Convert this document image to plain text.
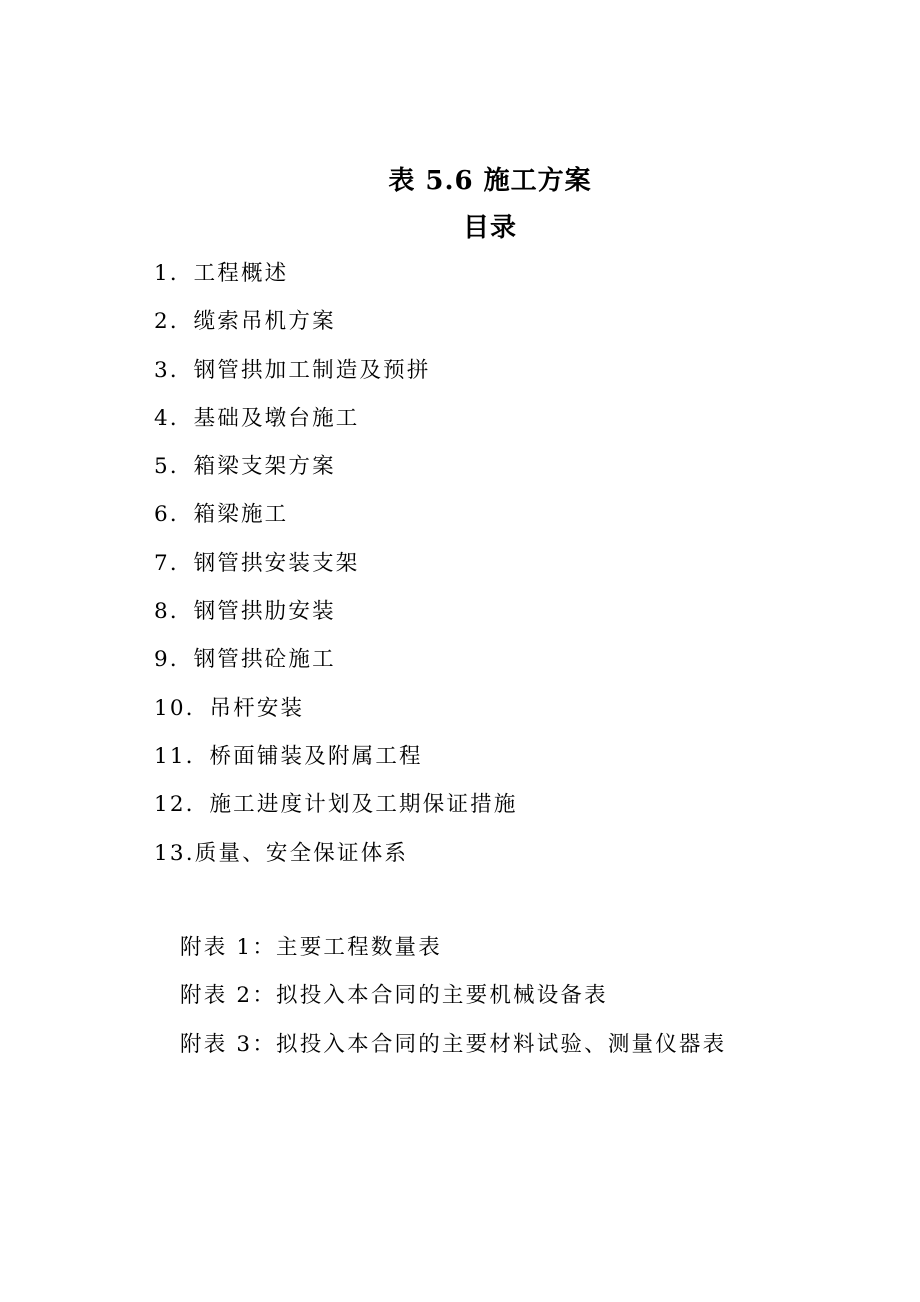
表 5.6 施工方案
目录
1．工程概述
2．缆索吊机方案
3．钢管拱加工制造及预拼
4．基础及墩台施工
5．箱梁支架方案
6．箱梁施工
7．钢管拱安装支架
8．钢管拱肋安装
9．钢管拱砼施工
10．吊杆安装
11．桥面铺装及附属工程
12．施工进度计划及工期保证措施
13.质量、安全保证体系
附表 1：主要工程数量表
附表 2：拟投入本合同的主要机械设备表
附表 3：拟投入本合同的主要材料试验、测量仪器表
